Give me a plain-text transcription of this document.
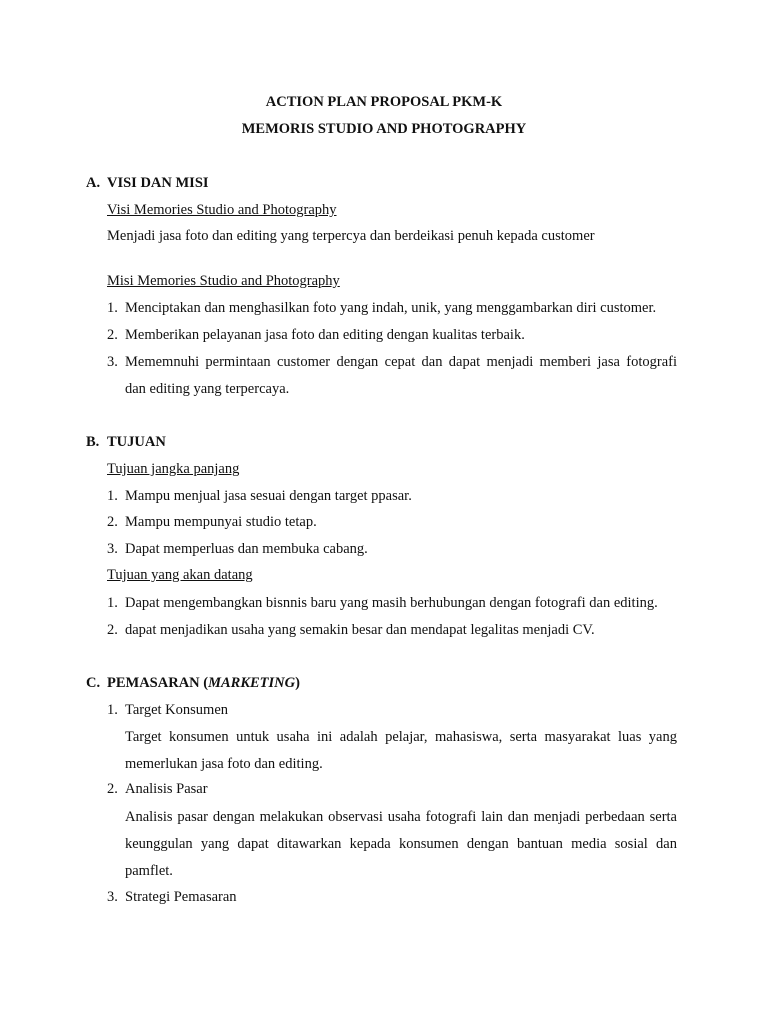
ACTION PLAN PROPOSAL PKM-K
MEMORIS STUDIO AND PHOTOGRAPHY
A. VISI DAN MISI
Visi Memories Studio and Photography
Menjadi jasa foto dan editing yang terpercya dan berdeikasi penuh kepada customer
Misi Memories Studio and Photography
1. Menciptakan dan menghasilkan foto yang indah, unik, yang menggambarkan diri customer.
2. Memberikan pelayanan jasa foto dan editing dengan kualitas terbaik.
3. Mememnuhi permintaan customer dengan cepat dan dapat menjadi memberi jasa fotografi
dan editing yang terpercaya.
B. TUJUAN
Tujuan jangka panjang
1. Mampu menjual jasa sesuai dengan target ppasar.
2. Mampu mempunyai studio tetap.
3. Dapat memperluas dan membuka cabang.
Tujuan yang akan datang
1. Dapat mengembangkan bisnnis baru yang masih berhubungan dengan fotografi dan editing.
2. dapat menjadikan usaha yang semakin besar dan mendapat legalitas menjadi CV.
C. PEMASARAN (MARKETING)
1. Target Konsumen
Target konsumen untuk usaha ini adalah pelajar, mahasiswa, serta masyarakat luas yang
memerlukan jasa foto dan editing.
2. Analisis Pasar
Analisis pasar dengan melakukan observasi usaha fotografi lain dan menjadi perbedaan serta
keunggulan yang dapat ditawarkan kepada konsumen dengan bantuan media sosial dan
pamflet.
3. Strategi Pemasaran
